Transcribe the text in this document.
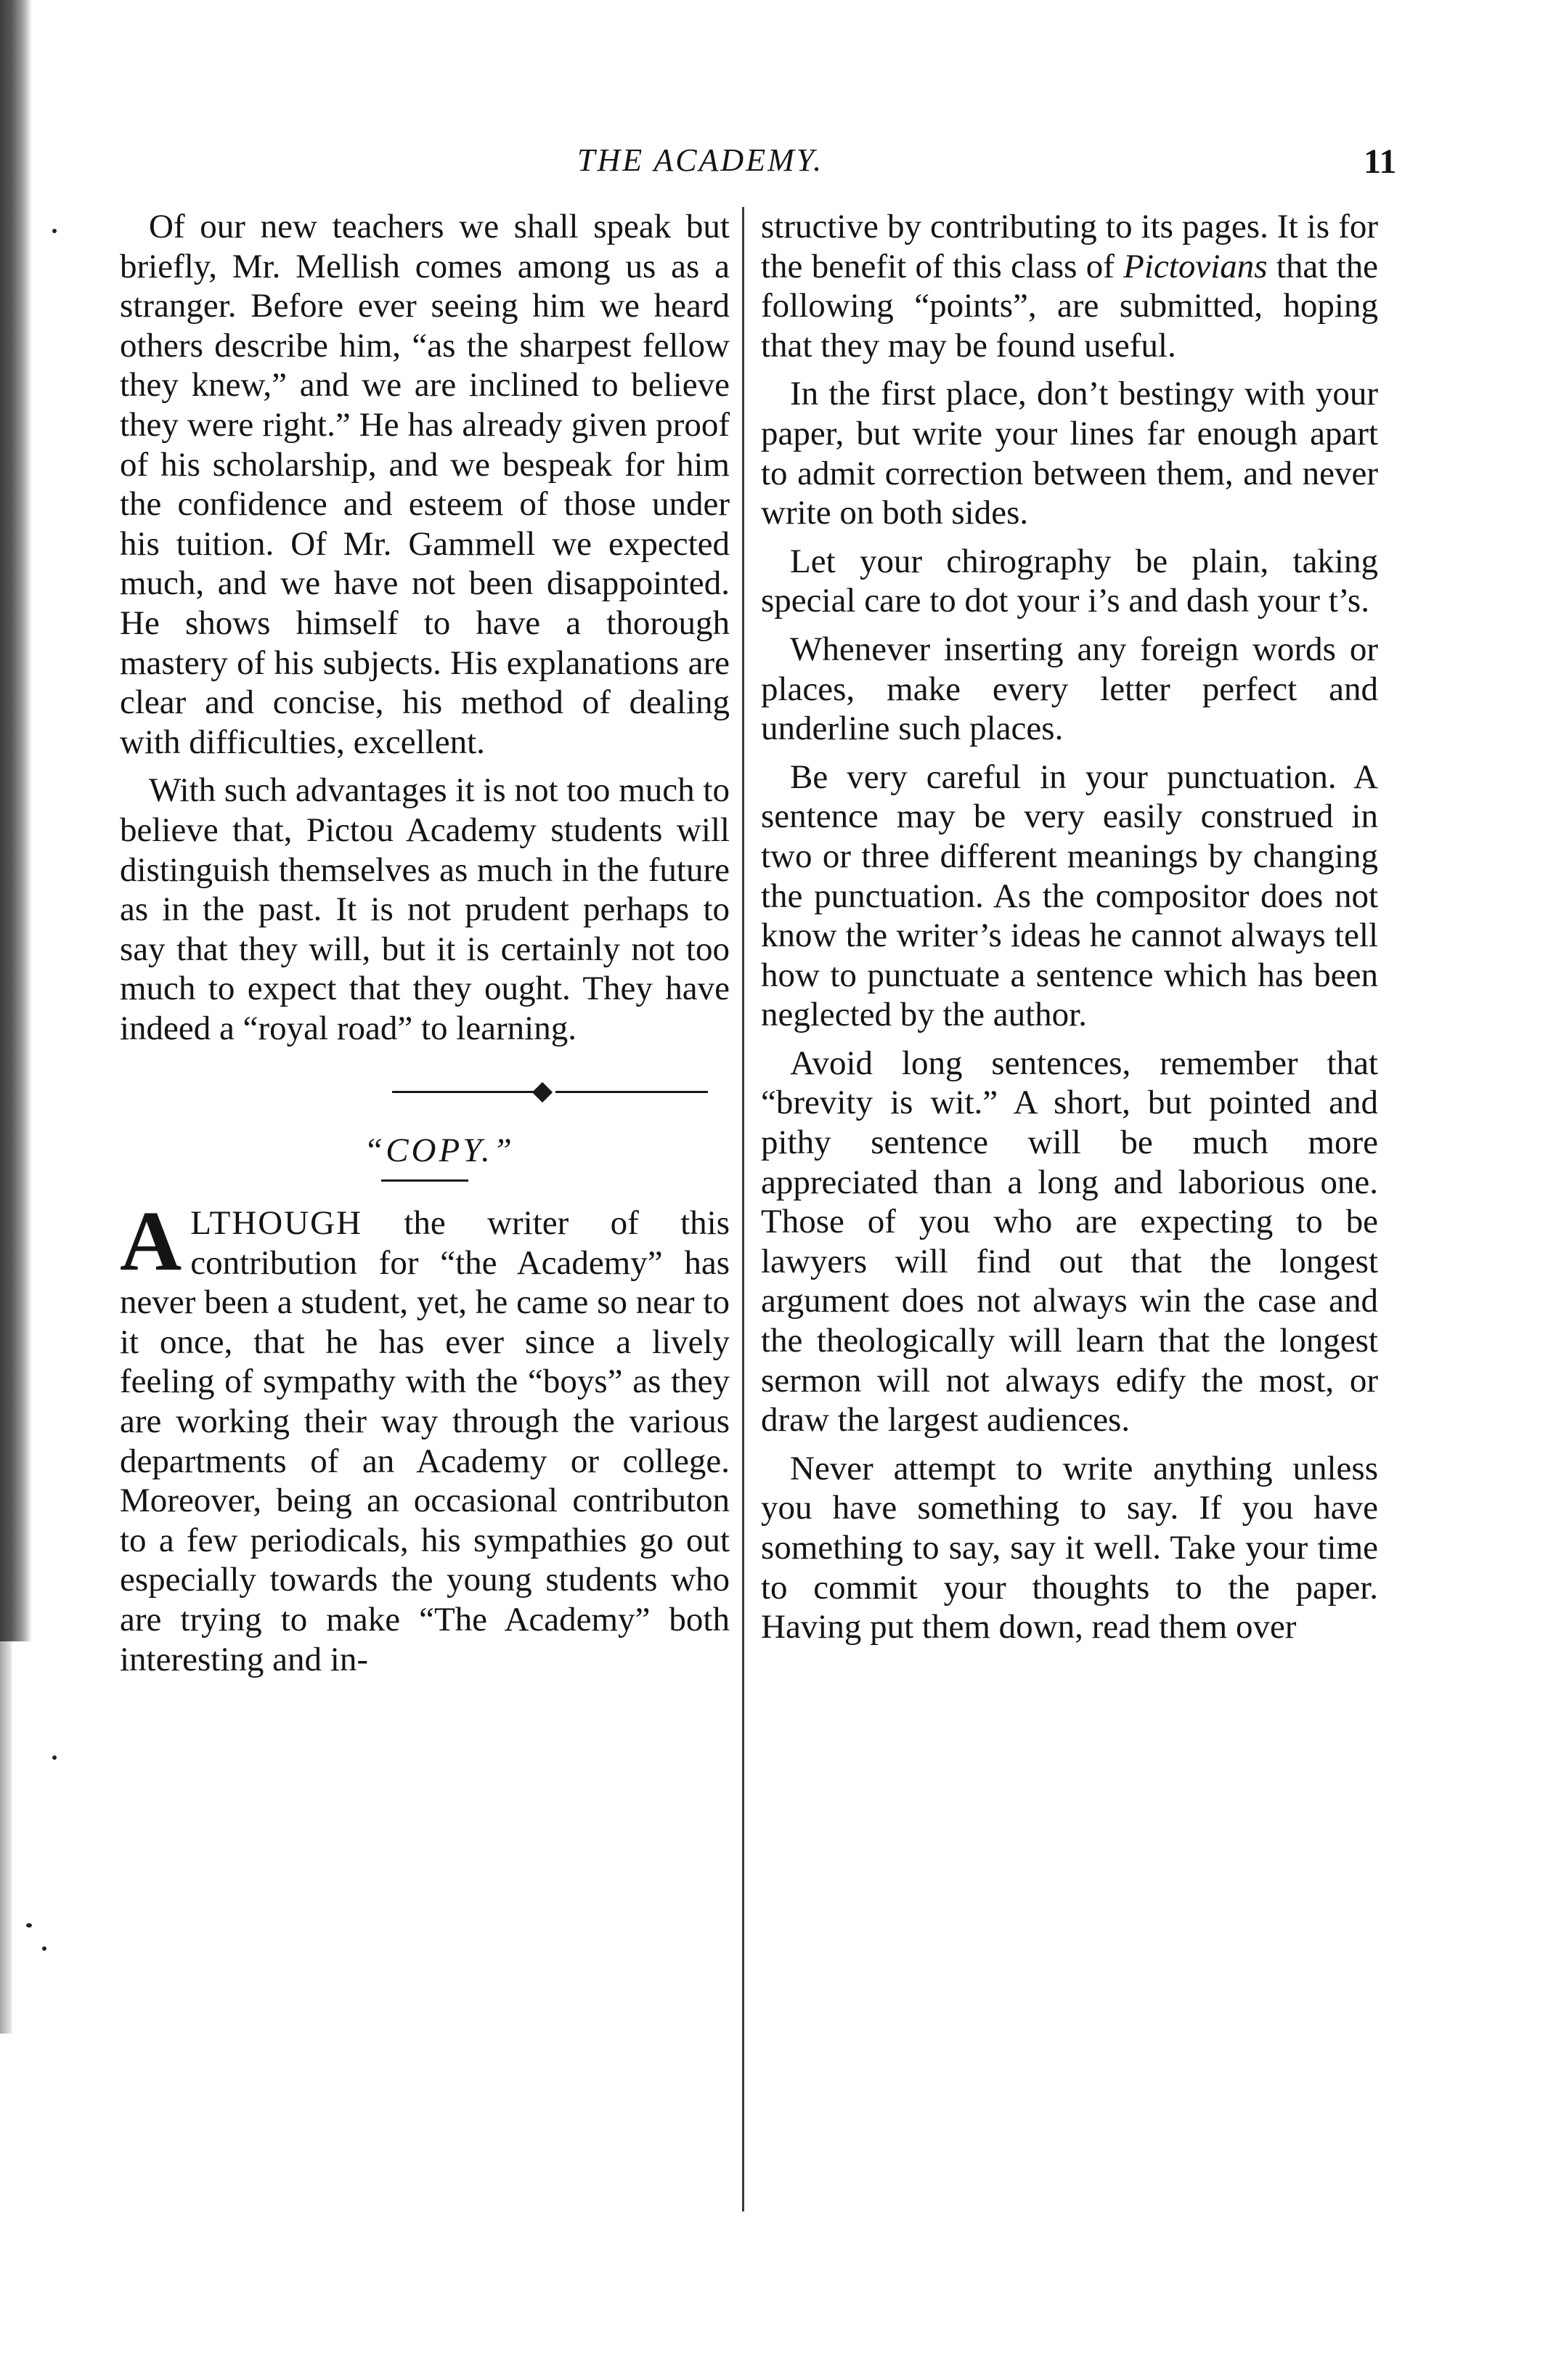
THE ACADEMY.	11

Of our new teachers we shall speak but briefly, Mr. Mellish comes among us as a stranger. Before ever seeing him we heard others describe him, “as the sharpest fellow they knew,” and we are inclined to believe they were right.” He has already given proof of his scholarship, and we bespeak for him the confidence and esteem of those under his tuition. Of Mr. Gammell we expected much, and we have not been disappointed. He shows himself to have a thorough mastery of his subjects. His explanations are clear and concise, his method of dealing with difficulties, excellent.

With such advantages it is not too much to believe that, Pictou Academy students will distinguish themselves as much in the future as in the past. It is not prudent perhaps to say that they will, but it is certainly not too much to expect that they ought. They have indeed a “royal road” to learning.

“COPY.”

ALTHOUGH the writer of this contribution for “the Academy” has never been a student, yet, he came so near to it once, that he has ever since a lively feeling of sympathy with the “boys” as they are working their way through the various departments of an Academy or college. Moreover, being an occasional contributon to a few periodicals, his sympathies go out especially towards the young students who are trying to make “The Academy” both interesting and in-

structive by contributing to its pages. It is for the benefit of this class of Pictovians that the following “points”, are submitted, hoping that they may be found useful.

In the first place, don’t bestingy with your paper, but write your lines far enough apart to admit correction between them, and never write on both sides.

Let your chirography be plain, taking special care to dot your i’s and dash your t’s.

Whenever inserting any foreign words or places, make every letter perfect and underline such places.

Be very careful in your punctuation. A sentence may be very easily construed in two or three different meanings by changing the punctuation. As the compositor does not know the writer’s ideas he cannot always tell how to punctuate a sentence which has been neglected by the author.

Avoid long sentences, remember that “brevity is wit.” A short, but pointed and pithy sentence will be much more appreciated than a long and laborious one. Those of you who are expecting to be lawyers will find out that the longest argument does not always win the case and the theologically will learn that the longest sermon will not always edify the most, or draw the largest audiences.

Never attempt to write anything unless you have something to say. If you have something to say, say it well. Take your time to commit your thoughts to the paper. Having put them down, read them over
